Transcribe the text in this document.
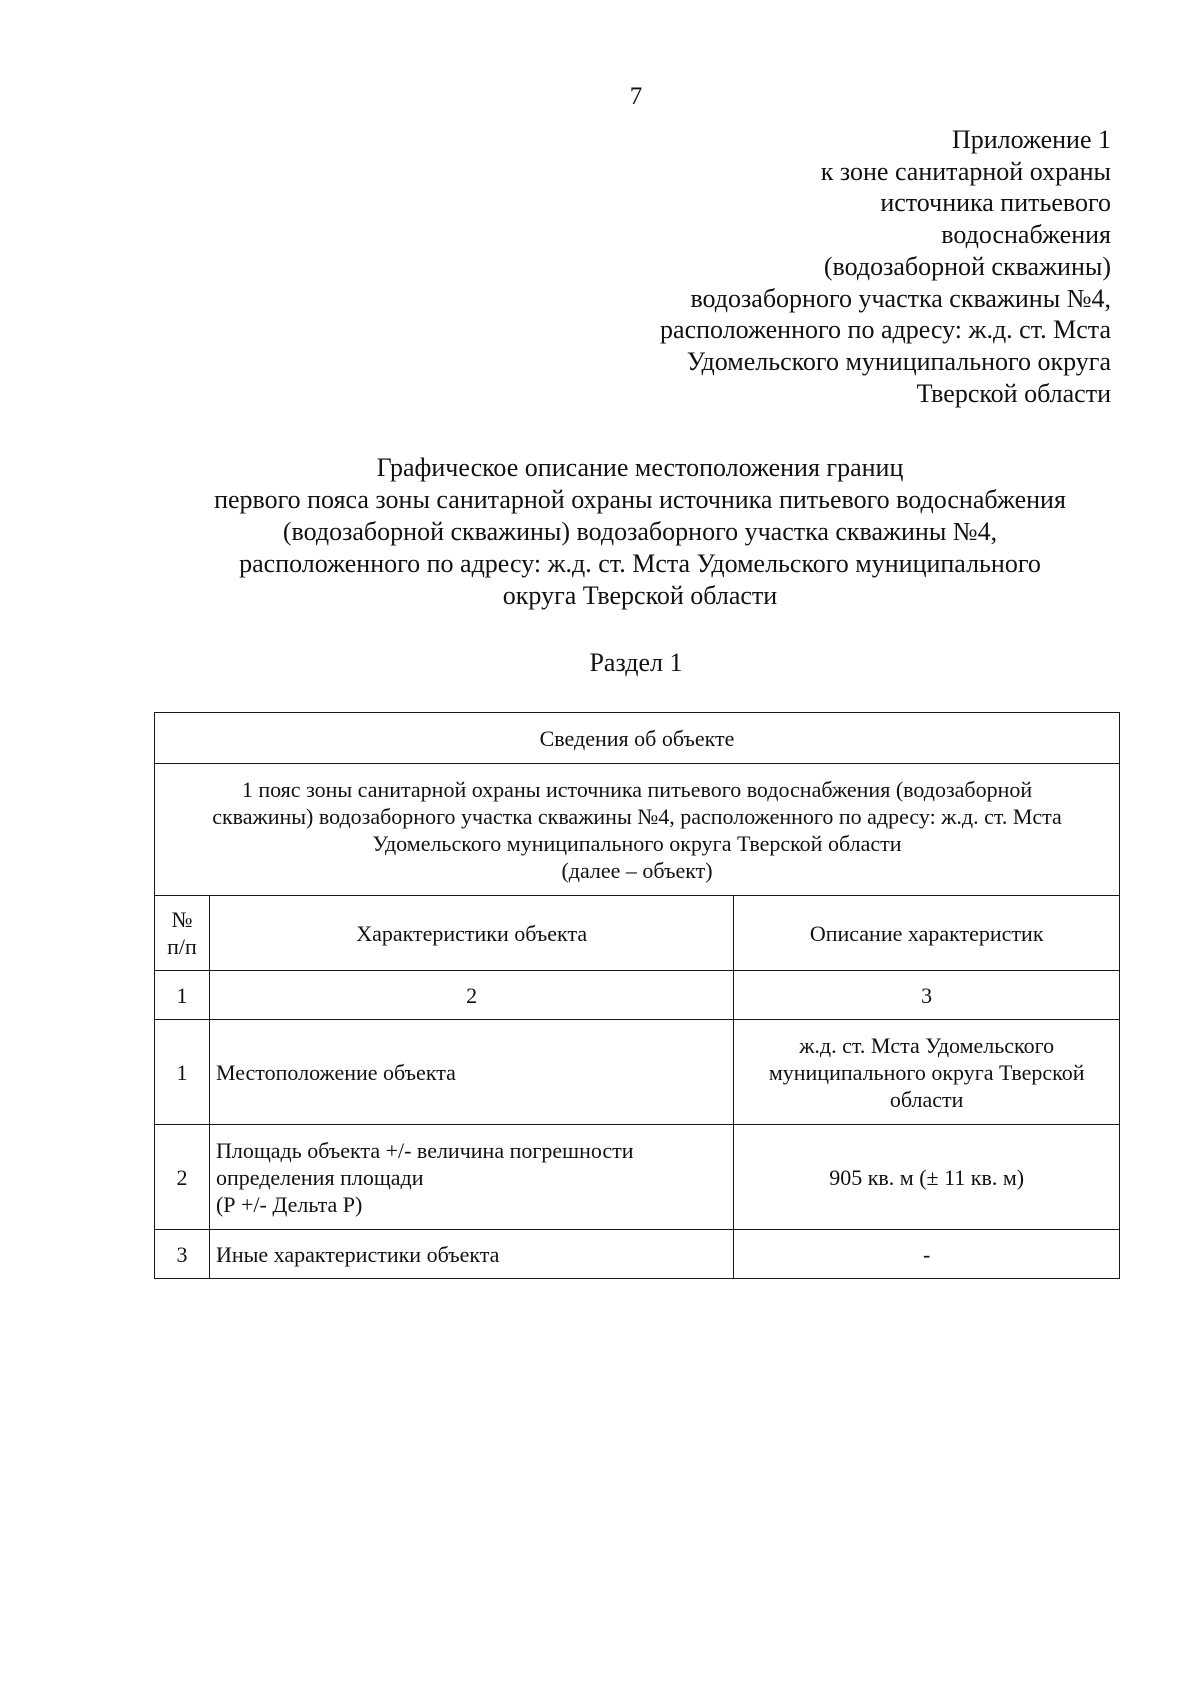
7
Приложение 1
к зоне санитарной охраны
источника питьевого
водоснабжения
(водозаборной скважины)
водозаборного участка скважины №4,
расположенного по адресу: ж.д. ст. Мста
Удомельского муниципального округа
Тверской области
Графическое описание местоположения границ
первого пояса зоны санитарной охраны источника питьевого водоснабжения
(водозаборной скважины) водозаборного участка скважины №4,
расположенного по адресу: ж.д. ст. Мста Удомельского муниципального
округа Тверской области
Раздел 1
Сведения об объекте		

1 пояс зоны санитарной охраны источника питьевого водоснабжения (водозаборной
скважины) водозаборного участка скважины №4, расположенного по адресу: ж.д. ст. Мста
Удомельского муниципального округа Тверской области
(далее – объект)		

№
п/п	Характеристики объекта	Описание характеристик
1	2	3
1	Местоположение объекта	ж.д. ст. Мста Удомельского
муниципального округа Тверской
области

2	Площадь объекта +/- величина погрешности
определения площади
(Р +/- Дельта Р)	905 кв. м (± 11 кв. м)

3	Иные характеристики объекта	-
